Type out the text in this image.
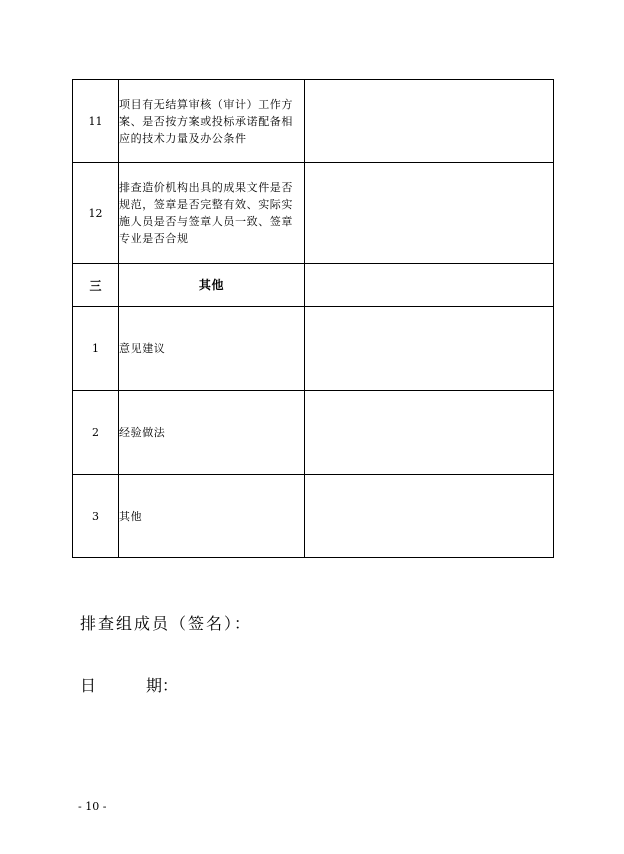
11	项目有无结算审核（审计）工作方案、是否按方案或投标承诺配备相应的技术力量及办公条件	
12	排查造价机构出具的成果文件是否规范，签章是否完整有效、实际实施人员是否与签章人员一致、签章专业是否合规	
三	其他	
1	意见建议	
2	经验做法	
3	其他	
排查组成员（签名）：
日	期：
- 10 -
